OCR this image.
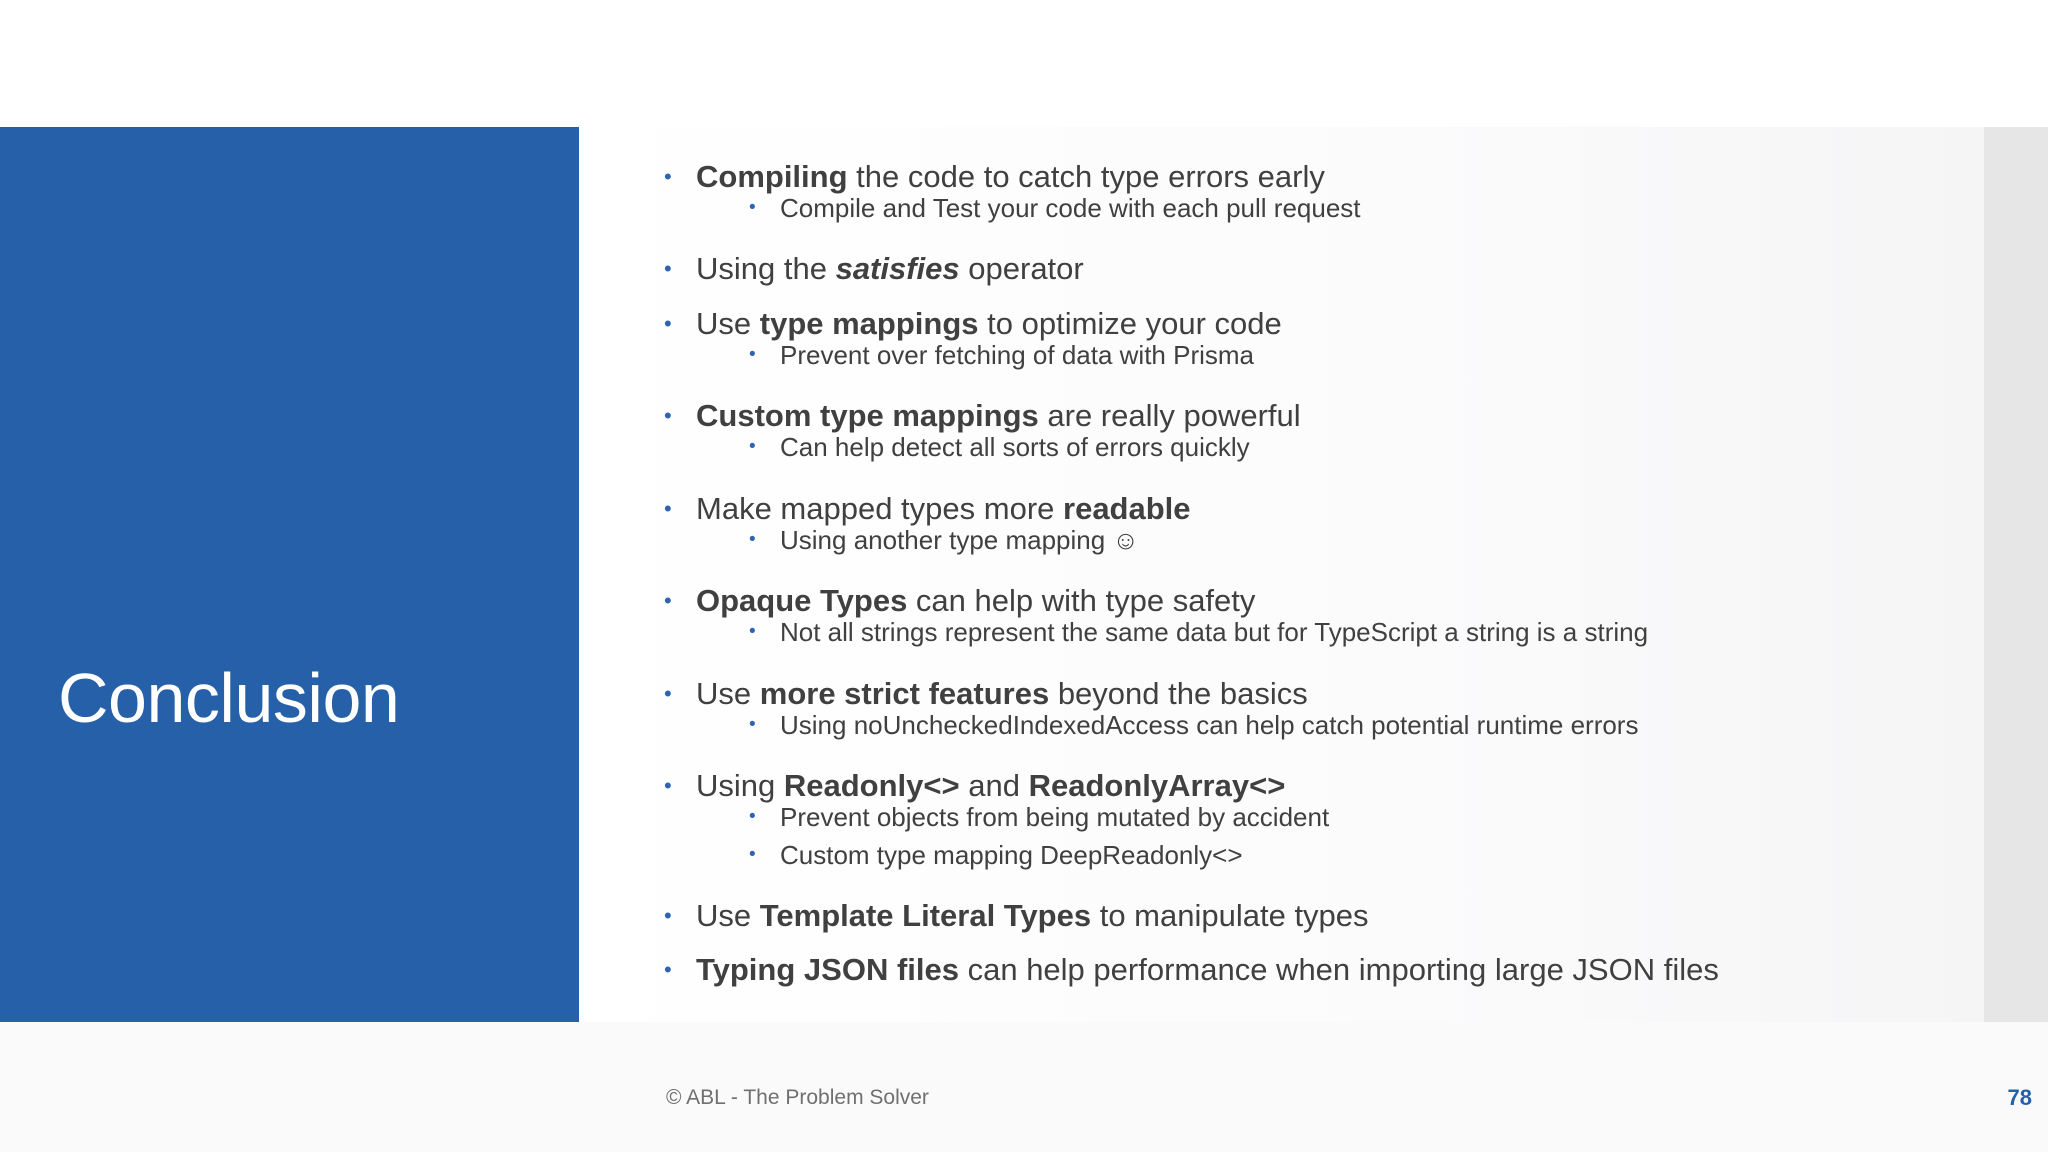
Conclusion
• Compiling the code to catch type errors early
• Compile and Test your code with each pull request
• Using the satisfies operator
• Use type mappings to optimize your code
• Prevent over fetching of data with Prisma
• Custom type mappings are really powerful
• Can help detect all sorts of errors quickly
• Make mapped types more readable
• Using another type mapping ☺
• Opaque Types can help with type safety
• Not all strings represent the same data but for TypeScript a string is a string
• Use more strict features beyond the basics
• Using noUncheckedIndexedAccess can help catch potential runtime errors
• Using Readonly<> and ReadonlyArray<>
• Prevent objects from being mutated by accident
• Custom type mapping DeepReadonly<>
• Use Template Literal Types to manipulate types
• Typing JSON files can help performance when importing large JSON files
© ABL - The Problem Solver	78
